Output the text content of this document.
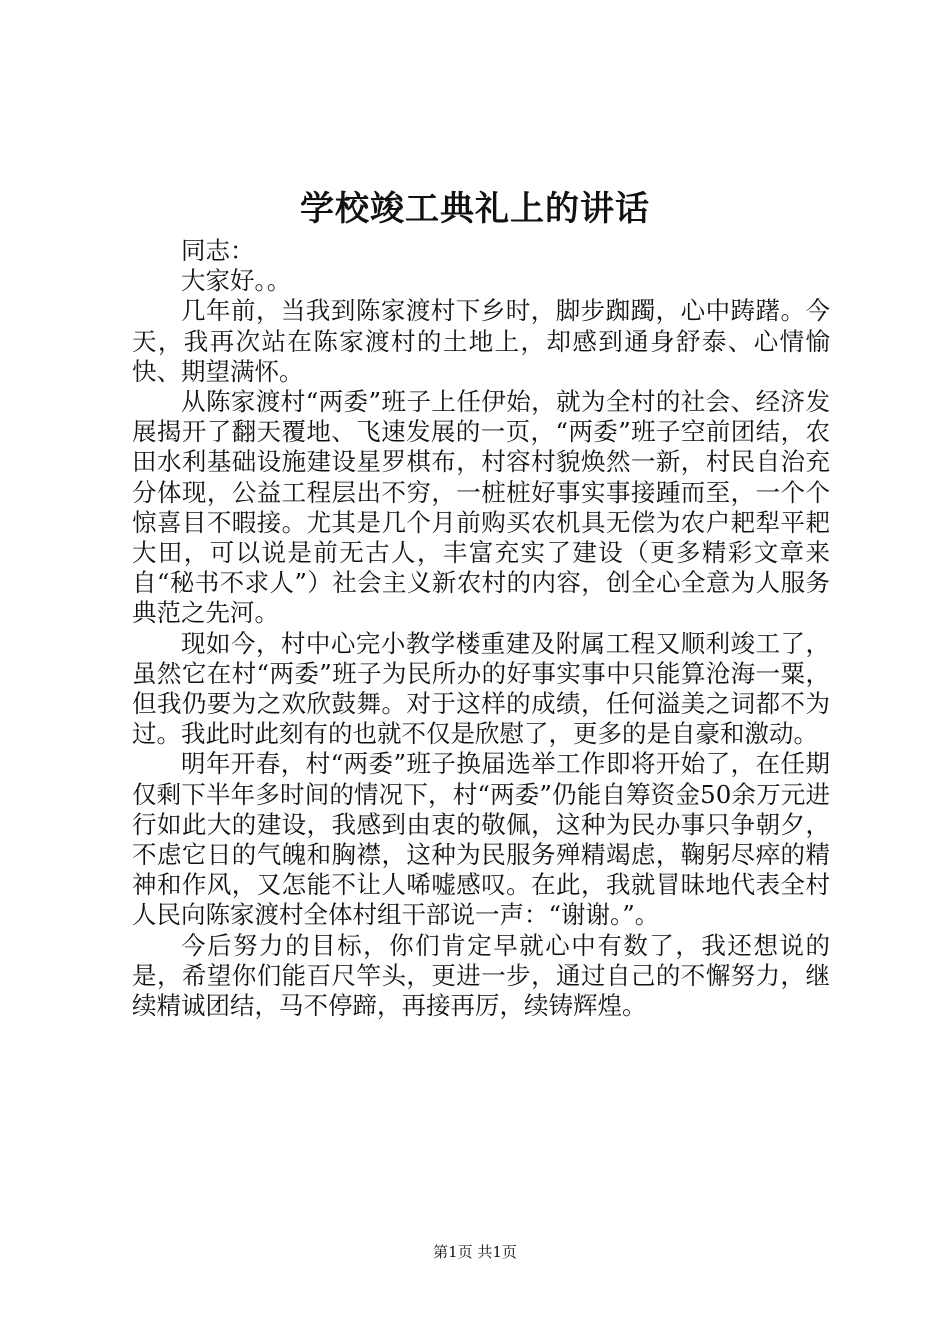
学校竣工典礼上的讲话

同志：

大家好。。

几年前，当我到陈家渡村下乡时，脚步踟躅，心中踌躇。今天，我再次站在陈家渡村的土地上，却感到通身舒泰、心情愉快、期望满怀。

从陈家渡村“两委”班子上任伊始，就为全村的社会、经济发展揭开了翻天覆地、飞速发展的一页，“两委”班子空前团结，农田水利基础设施建设星罗棋布，村容村貌焕然一新，村民自治充分体现，公益工程层出不穷，一桩桩好事实事接踵而至，一个个惊喜目不暇接。尤其是几个月前购买农机具无偿为农户耙犁平耙大田，可以说是前无古人，丰富充实了建设（更多精彩文章来自“秘书不求人”）社会主义新农村的内容，创全心全意为人服务典范之先河。

现如今，村中心完小教学楼重建及附属工程又顺利竣工了，虽然它在村“两委”班子为民所办的好事实事中只能算沧海一粟，但我仍要为之欢欣鼓舞。对于这样的成绩，任何溢美之词都不为过。我此时此刻有的也就不仅是欣慰了，更多的是自豪和激动。

明年开春，村“两委”班子换届选举工作即将开始了，在任期仅剩下半年多时间的情况下，村“两委”仍能自筹资金50余万元进行如此大的建设，我感到由衷的敬佩，这种为民办事只争朝夕，不虑它日的气魄和胸襟，这种为民服务殚精竭虑，鞠躬尽瘁的精神和作风，又怎能不让人唏嘘感叹。在此，我就冒昧地代表全村人民向陈家渡村全体村组干部说一声：“谢谢。”。

今后努力的目标，你们肯定早就心中有数了，我还想说的是，希望你们能百尺竿头，更进一步，通过自己的不懈努力，继续精诚团结，马不停蹄，再接再厉，续铸辉煌。

第1页 共1页
